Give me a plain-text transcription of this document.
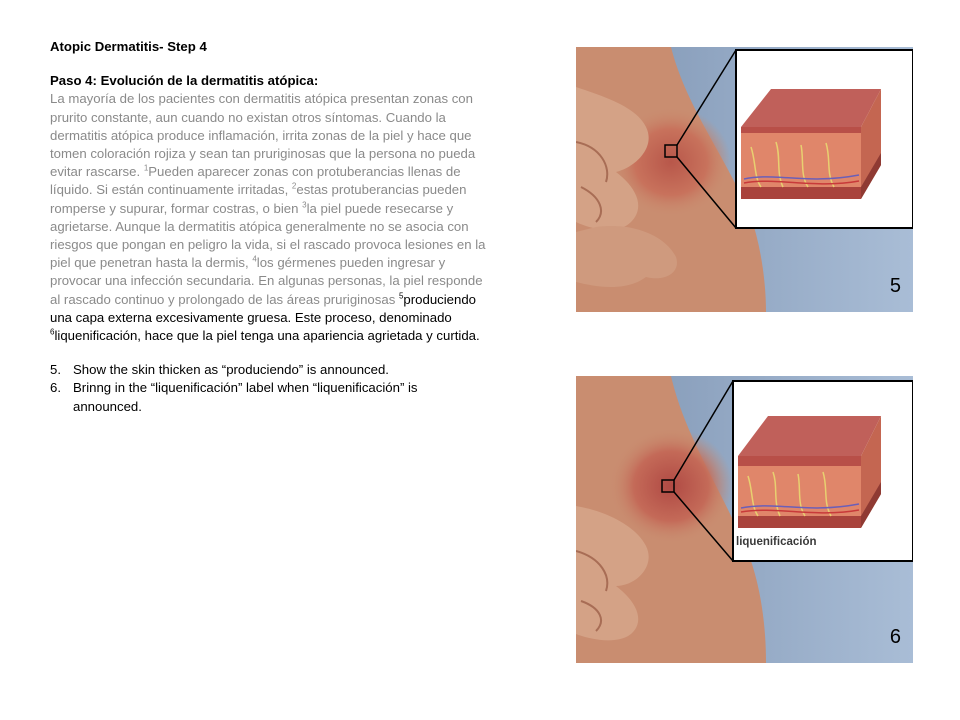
Atopic Dermatitis- Step 4
Paso 4: Evolución de la dermatitis atópica:
La mayoría de los pacientes con dermatitis atópica presentan zonas con prurito constante, aun cuando no existan otros síntomas. Cuando la dermatitis atópica produce inflamación, irrita zonas de la piel y hace que tomen coloración rojiza y sean tan pruriginosas que la persona no pueda evitar rascarse. $^1$Pueden aparecer zonas con protuberancias llenas de líquido. Si están continuamente irritadas, $^2$estas protuberancias pueden romperse y supurar, formar costras, o bien $^3$la piel puede resecarse y agrietarse. Aunque la dermatitis atópica generalmente no se asocia con riesgos que pongan en peligro la vida, si el rascado provoca lesiones en la piel que penetran hasta la dermis, $^4$los gérmenes pueden ingresar y provocar una infección secundaria. En algunas personas, la piel responde al rascado continuo y prolongado de las áreas pruriginosas $^5$produciendo una capa externa excesivamente gruesa. Este proceso, denominado $^6$liquenificación, hace que la piel tenga una apariencia agrietada y curtida.
5. Show the skin thicken as “produciendo” is announced.
6. Brinng in the “liquenificación” label when “liquenificación” is announced.
5
liquenificación
6
